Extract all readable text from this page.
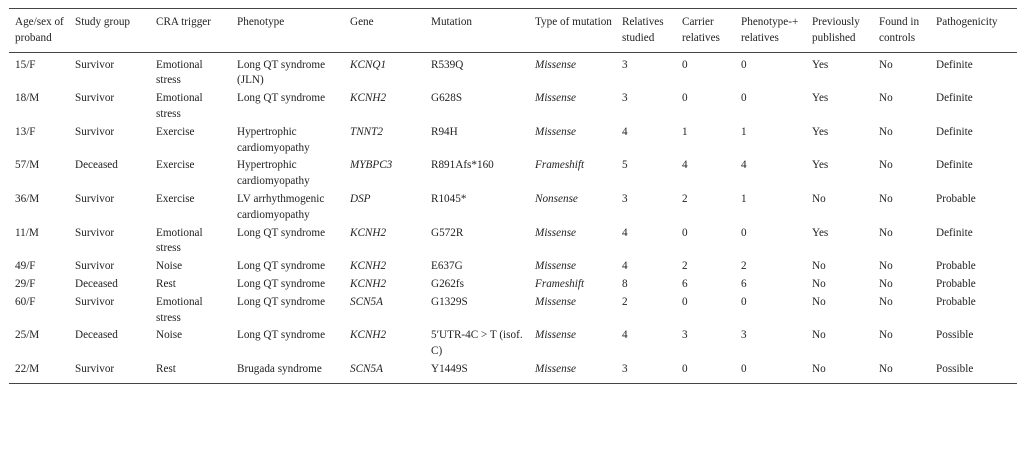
Age/sex of proband	Study group	CRA trigger	Phenotype	Gene	Mutation	Type of mutation	Relatives studied	Carrier relatives	Phenotype-+ relatives	Previously published	Found in controls	Pathogenicity
15/F	Survivor	Emotional stress	Long QT syndrome (JLN)	KCNQ1	R539Q	Missense	3	0	0	Yes	No	Definite
18/M	Survivor	Emotional stress	Long QT syndrome	KCNH2	G628S	Missense	3	0	0	Yes	No	Definite
13/F	Survivor	Exercise	Hypertrophic cardiomyopathy	TNNT2	R94H	Missense	4	1	1	Yes	No	Definite
57/M	Deceased	Exercise	Hypertrophic cardiomyopathy	MYBPC3	R891Afs*160	Frameshift	5	4	4	Yes	No	Definite
36/M	Survivor	Exercise	LV arrhythmogenic cardiomyopathy	DSP	R1045*	Nonsense	3	2	1	No	No	Probable
11/M	Survivor	Emotional stress	Long QT syndrome	KCNH2	G572R	Missense	4	0	0	Yes	No	Definite
49/F	Survivor	Noise	Long QT syndrome	KCNH2	E637G	Missense	4	2	2	No	No	Probable
29/F	Deceased	Rest	Long QT syndrome	KCNH2	G262fs	Frameshift	8	6	6	No	No	Probable
60/F	Survivor	Emotional stress	Long QT syndrome	SCN5A	G1329S	Missense	2	0	0	No	No	Probable
25/M	Deceased	Noise	Long QT syndrome	KCNH2	5′UTR-4C > T (isof. C)	Missense	4	3	3	No	No	Possible
22/M	Survivor	Rest	Brugada syndrome	SCN5A	Y1449S	Missense	3	0	0	No	No	Possible
